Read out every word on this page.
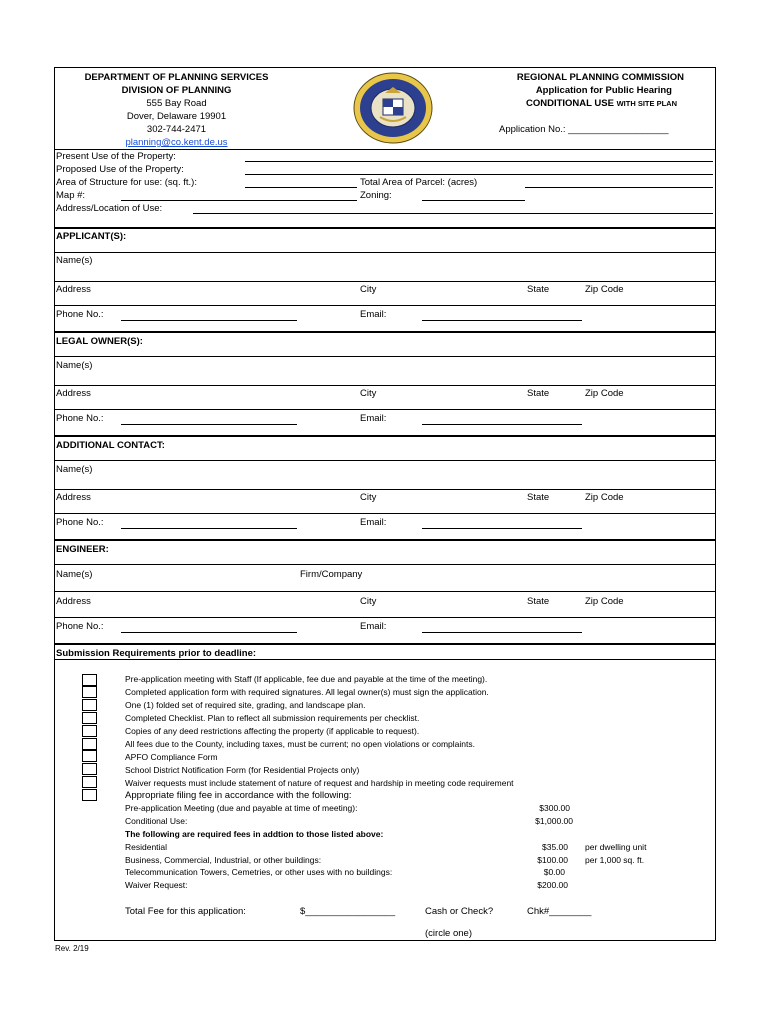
DEPARTMENT OF PLANNING SERVICES
DIVISION OF PLANNING
555 Bay Road
Dover, Delaware 19901
302-744-2471
planning@co.kent.de.us
REGIONAL PLANNING COMMISSION
Application for Public Hearing
CONDITIONAL USE WITH SITE PLAN
Application No.: ___________________
Present Use of the Property:
Proposed Use of the Property:
Area of Structure for use: (sq. ft.):	Total Area of Parcel: (acres)
Map #:	Zoning:
Address/Location of Use:
APPLICANT(S):
Name(s)
Address	City	State	Zip Code
Phone No.:	Email:
LEGAL OWNER(S):
Name(s)
Address	City	State	Zip Code
Phone No.:	Email:
ADDITIONAL CONTACT:
Name(s)
Address	City	State	Zip Code
Phone No.:	Email:
ENGINEER:
Name(s)	Firm/Company
Address	City	State	Zip Code
Phone No.:	Email:
Submission Requirements prior to deadline:
Pre-application meeting with Staff (If applicable, fee due and payable at the time of the meeting).
Completed application form with required signatures. All legal owner(s) must sign the application.
One (1) folded set of required site, grading, and landscape plan.
Completed Checklist. Plan to reflect all submission requirements per checklist.
Copies of any deed restrictions affecting the property (if applicable to request).
All fees due to the County, including taxes, must be current; no open violations or complaints.
APFO Compliance Form
School District Notification Form (for Residential Projects only)
Waiver requests must include statement of nature of request and hardship in meeting code requirement
Appropriate filing fee in accordance with the following:
Pre-application Meeting (due and payable at time of meeting):	$300.00
Conditional Use:	$1,000.00
The following are required fees in addtion to those listed above:
Residential	$35.00 per dwelling unit
Business, Commercial, Industrial, or other buildings:	$100.00 per 1,000 sq. ft.
Telecommunication Towers, Cemetries, or other uses with no buildings:	$0.00
Waiver Request:	$200.00
Total Fee for this application:	$_________________	Cash or Check?	Chk#________
(circle one)
Rev. 2/19
